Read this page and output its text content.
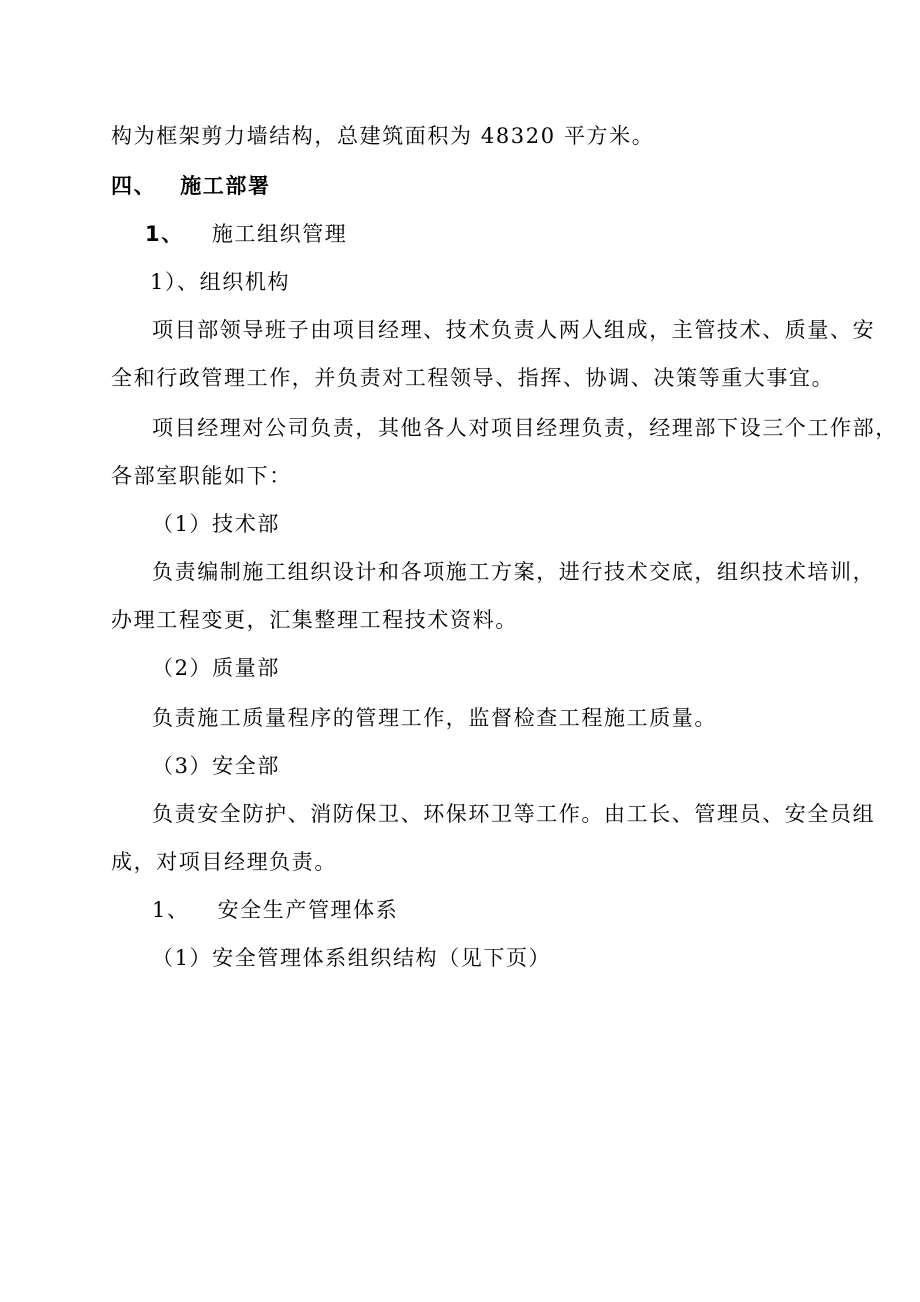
构为框架剪力墙结构，总建筑面积为 48320 平方米。
四、 施工部署
1、 施工组织管理
1）、组织机构
项目部领导班子由项目经理、技术负责人两人组成，主管技术、质量、安
全和行政管理工作，并负责对工程领导、指挥、协调、决策等重大事宜。
项目经理对公司负责，其他各人对项目经理负责，经理部下设三个工作部，
各部室职能如下：
（1）技术部
负责编制施工组织设计和各项施工方案，进行技术交底，组织技术培训，
办理工程变更，汇集整理工程技术资料。
（2）质量部
负责施工质量程序的管理工作，监督检查工程施工质量。
（3）安全部
负责安全防护、消防保卫、环保环卫等工作。由工长、管理员、安全员组
成，对项目经理负责。
1、 安全生产管理体系
（1）安全管理体系组织结构（见下页）
